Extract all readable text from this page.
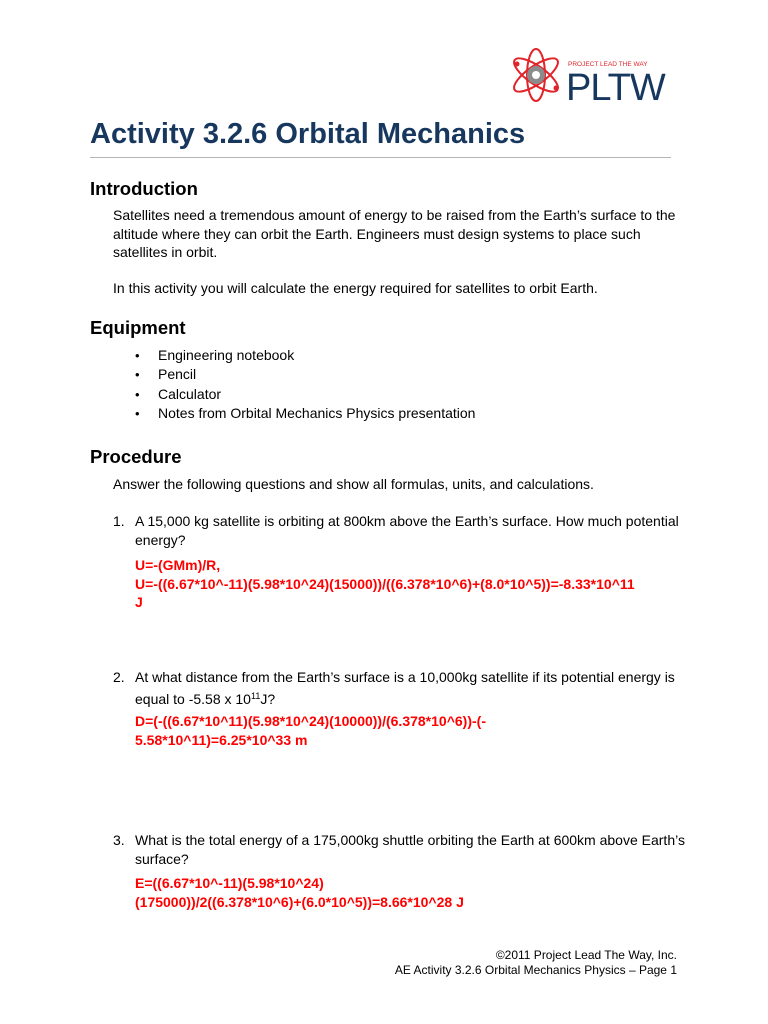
PROJECT LEAD THE WAY
PLTW
Activity 3.2.6 Orbital Mechanics
Introduction

Satellites need a tremendous amount of energy to be raised from the Earth’s surface to the altitude where they can orbit the Earth. Engineers must design systems to place such satellites in orbit.

In this activity you will calculate the energy required for satellites to orbit Earth.

Equipment
• Engineering notebook
• Pencil
• Calculator
• Notes from Orbital Mechanics Physics presentation
Procedure

Answer the following questions and show all formulas, units, and calculations.

1. A 15,000 kg satellite is orbiting at 800km above the Earth’s surface. How much potential energy?

U=-(GMm)/R,
U=-((6.67*10^-11)(5.98*10^24)(15000))/((6.378*10^6)+(8.0*10^5))=-8.33*10^11
J
2. At what distance from the Earth’s surface is a 10,000kg satellite if its potential energy is equal to -5.58 x $10^{11}J$?

D=(-((6.67*10^11)(5.98*10^24)(10000))/(6.378*10^6))-(-
5.58*10^11)=6.25*10^33 m
3. What is the total energy of a 175,000kg shuttle orbiting the Earth at 600km above Earth’s surface?

E=((6.67*10^-11)(5.98*10^24)
(175000))/2((6.378*10^6)+(6.0*10^5))=8.66*10^28 J
©2011 Project Lead The Way, Inc.
AE Activity 3.2.6 Orbital Mechanics Physics – Page 1
